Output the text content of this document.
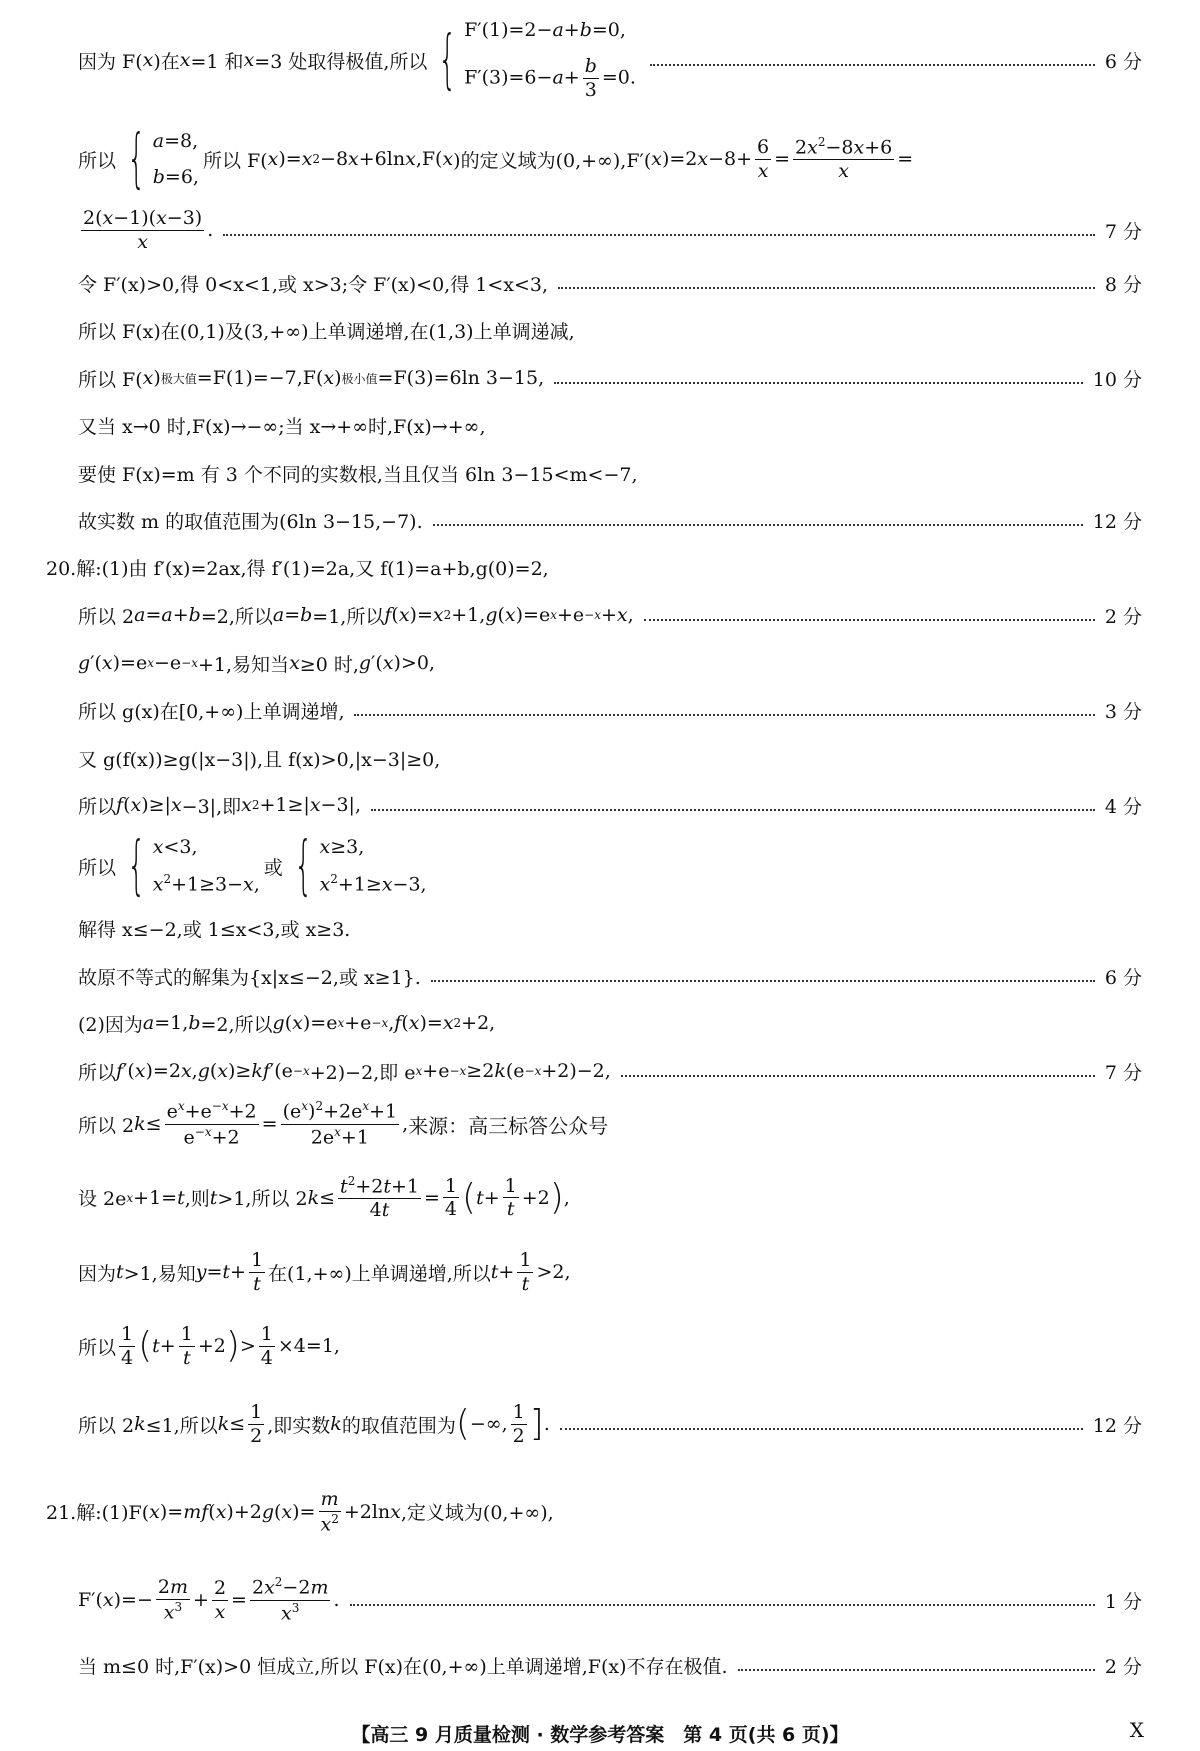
因为 F( x )在 x =1 和 x =3 处取得极值,所以 { F′(1)=2−a+b=0,
$F'(3)=6-a+ \frac{b}{3} =0$.
6 分
所以 { a=8,
b=6,
所以 F( x )= x 2 −8 x +6ln x ,F( x )的定义域为(0,+∞),F′( x )=2 x −8+
6
x
=
$2x^2-8x+6$
x
=
2(x−1)(x−3)
x
.	7 分
令 F′(x)>0,得 0<x<1,或 x>3;令 F′(x)<0,得 1<x<3,	8 分
所以 F(x)在(0,1)及(3,+∞)上单调递增,在(1,3)上单调递减,
所以 F( x ) 极大值 =F(1)=−7,F( x ) 极小值 =F(3)=6ln 3−15,	10 分
又当 x→0 时,F(x)→−∞;当 x→+∞时,F(x)→+∞,
要使 F(x)=m 有 3 个不同的实数根,当且仅当 6ln 3−15<m<−7,
故实数 m 的取值范围为(6ln 3−15,−7).	12 分
20.解:(1)由 f′(x)=2ax,得 f′(1)=2a,又 f(1)=a+b,g(0)=2,
所以 2 a = a + b =2,所以 a = b =1,所以 f ( x )= x 2 +1, g ( x )=e x +e −x + x ,	2 分
g ′( x )=e x −e −x +1,易知当 x ≥0 时, g ′( x )>0,
所以 g(x)在[0,+∞)上单调递增,	3 分
又 g(f(x))≥g(|x−3|),且 f(x)>0,|x−3|≥0,
所以 f ( x )≥| x −3|,即 x 2 +1≥| x −3|,	4 分
所以 { x<3,
$x^2+1\ge 3-x$,
或 { x≥3,
$x^2+1\ge x-3$,
解得 x≤−2,或 1≤x<3,或 x≥3.
故原不等式的解集为{x|x≤−2,或 x≥1}.	6 分
(2)因为 a =1, b =2,所以 g ( x )=e x +e −x , f ( x )= x 2 +2,
所以 f ′( x )=2 x , g ( x )≥ kf ′(e −x +2)−2,即 e x +e −x ≥2 k (e −x +2)−2,	7 分
所以 2 k ≤
$e^x+e^{-x}+2$
$e^{-x}+2$
=
$(e^x)^2+2e^x+1$
$2e^x+1$
, 来源：高三标答公众号
设 2e x +1= t ,则 t >1,所以 2 k ≤
$t^2+2t+1$
4t
=
1
4 ( t +
1
t
+2 ) ,
因为 t >1,易知 y = t +
1
t 在(1,+∞)上单调递增,所以 t +
1
t
>2,
所以
1
4 ( t +
1
t
+2 ) >
1
4
×4=1,
所以 2 k ≤1,所以 k ≤
1
2 ,即实数 k 的取值范围为 ( −∞,
1
2 ] .	12 分
21.解:(1)F( x )= mf ( x )+2 g ( x )=
m
$x^2 +2\ln$ x ,定义域为(0,+∞),
F′( x )=−
2m
$x^3$ +
2
x
=
$2x^2-2m$
$x^3$ .	1 分
当 m≤0 时,F′(x)>0 恒成立,所以 F(x)在(0,+∞)上单调递增,F(x)不存在极值.	2 分
【高三 9 月质量检测 · 数学参考答案　第 4 页(共 6 页)】	X
